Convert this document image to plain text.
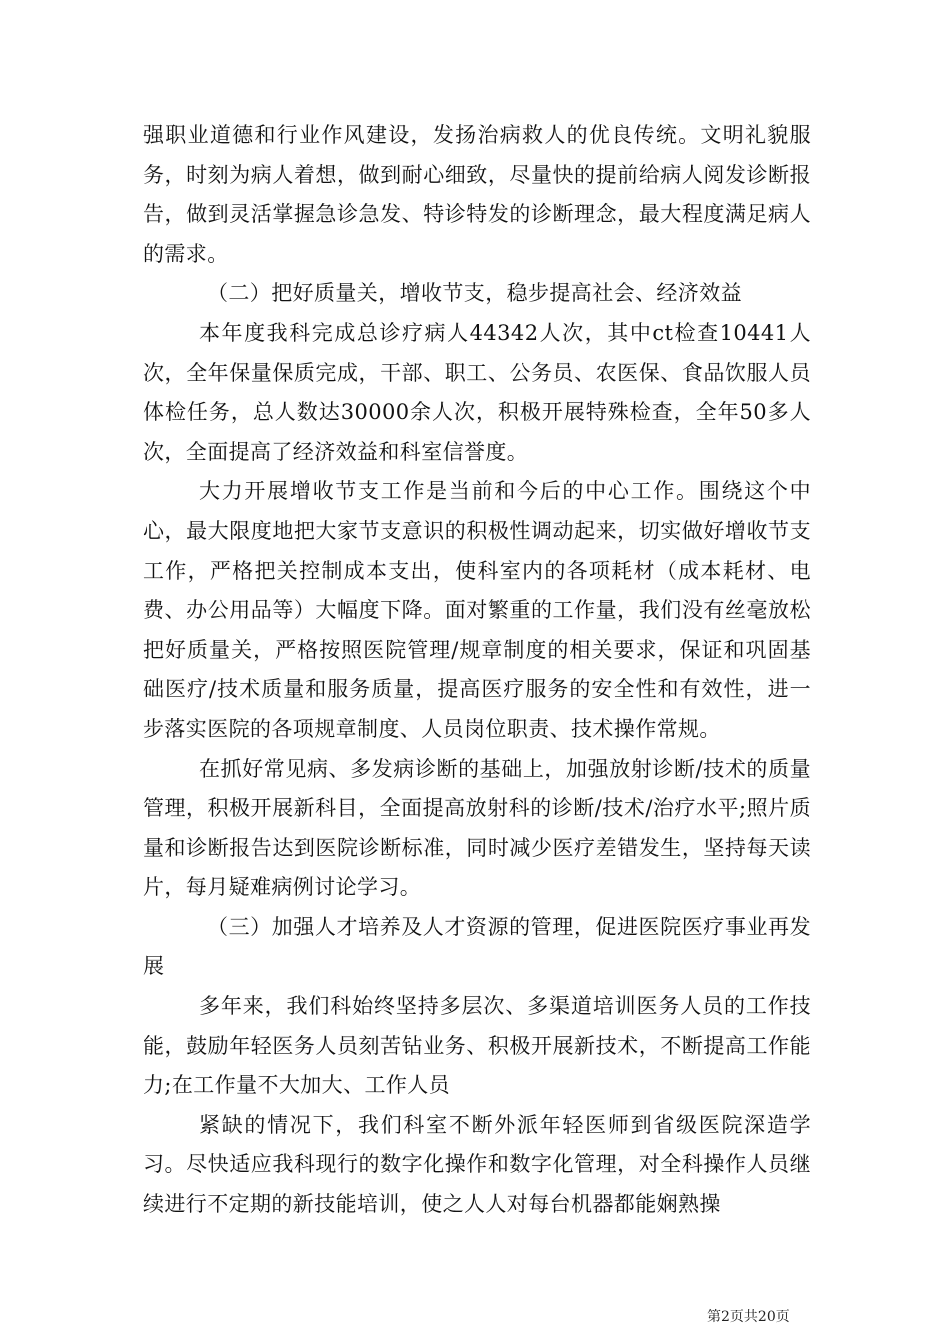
强职业道德和行业作风建设，发扬治病救人的优良传统。文明礼貌服务，时刻为病人着想，做到耐心细致，尽量快的提前给病人阅发诊断报告，做到灵活掌握急诊急发、特诊特发的诊断理念，最大程度满足病人的需求。

（二）把好质量关，增收节支，稳步提高社会、经济效益

本年度我科完成总诊疗病人44342人次，其中ct检查10441人次，全年保量保质完成，干部、职工、公务员、农医保、食品饮服人员体检任务，总人数达30000余人次，积极开展特殊检查，全年50多人次，全面提高了经济效益和科室信誉度。

大力开展增收节支工作是当前和今后的中心工作。围绕这个中心，最大限度地把大家节支意识的积极性调动起来，切实做好增收节支工作，严格把关控制成本支出，使科室内的各项耗材（成本耗材、电费、办公用品等）大幅度下降。面对繁重的工作量，我们没有丝毫放松把好质量关，严格按照医院管理/规章制度的相关要求，保证和巩固基础医疗/技术质量和服务质量，提高医疗服务的安全性和有效性，进一步落实医院的各项规章制度、人员岗位职责、技术操作常规。

在抓好常见病、多发病诊断的基础上，加强放射诊断/技术的质量管理，积极开展新科目，全面提高放射科的诊断/技术/治疗水平;照片质量和诊断报告达到医院诊断标准，同时减少医疗差错发生，坚持每天读片，每月疑难病例讨论学习。

（三）加强人才培养及人才资源的管理，促进医院医疗事业再发展

多年来，我们科始终坚持多层次、多渠道培训医务人员的工作技能，鼓励年轻医务人员刻苦钻业务、积极开展新技术，不断提高工作能力;在工作量不大加大、工作人员

紧缺的情况下，我们科室不断外派年轻医师到省级医院深造学习。尽快适应我科现行的数字化操作和数字化管理，对全科操作人员继续进行不定期的新技能培训，使之人人对每台机器都能娴熟操

第2页共20页
